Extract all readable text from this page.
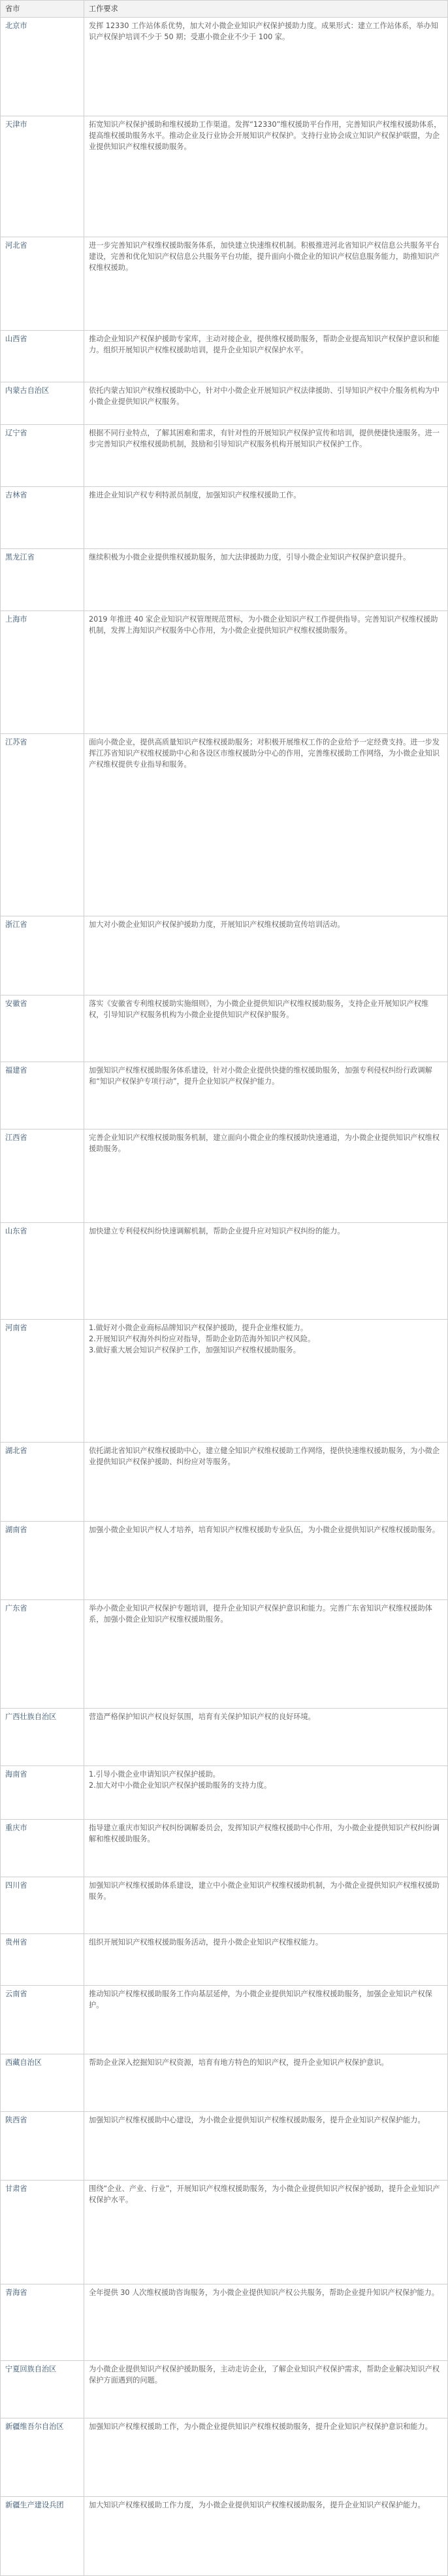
省市	工作要求
北京市	发挥 12330 工作站体系优势，加大对小微企业知识产权保护援助力度。成果形式：建立工作站体系，举办知识产权保护培训不少于 50 期；受惠小微企业不少于 100 家。

天津市	拓宽知识产权保护援助和维权援助工作渠道。发挥“12330”维权援助平台作用，完善知识产权维权援助体系，提高维权援助服务水平。推动企业及行业协会开展知识产权保护。支持行业协会成立知识产权保护联盟，为企业提供知识产权维权援助服务。

河北省	进一步完善知识产权维权援助服务体系，加快建立快速维权机制。积极推进河北省知识产权信息公共服务平台建设，完善和优化知识产权信息公共服务平台功能，提升面向小微企业的知识产权信息服务能力，助推知识产权维权援助。

山西省	推动企业知识产权保护援助专家库，主动对接企业，提供维权援助服务，帮助企业提高知识产权保护意识和能力。组织开展知识产权维权援助培训，提升企业知识产权保护水平。

内蒙古自治区	依托内蒙古知识产权维权援助中心，针对中小微企业开展知识产权法律援助、引导知识产权中介服务机构为中小微企业提供知识产权服务。

辽宁省	根据不同行业特点，了解其困难和需求，有针对性的开展知识产权保护宣传和培训，提供便捷快速服务。进一步完善知识产权维权援助机制，鼓励和引导知识产权服务机构开展知识产权保护工作。

吉林省	推进企业知识产权专利特派员制度，加强知识产权维权援助工作。

黑龙江省	继续积极为小微企业提供维权援助服务，加大法律援助力度，引导小微企业知识产权保护意识提升。

上海市	2019 年推进 40 家企业知识产权管理规范贯标，为小微企业知识产权工作提供指导。完善知识产权维权援助机制，发挥上海知识产权服务中心作用，为小微企业提供知识产权维权援助服务。

江苏省	面向小微企业，提供高质量知识产权维权援助服务；对积极开展维权工作的企业给予一定经费支持。进一步发挥江苏省知识产权维权援助中心和各设区市维权援助分中心的作用，完善维权援助工作网络，为小微企业知识产权维权提供专业指导和服务。

浙江省	加大对小微企业知识产权保护援助力度，开展知识产权维权援助宣传培训活动。

安徽省	落实《安徽省专利维权援助实施细则》，为小微企业提供知识产权维权援助服务，支持企业开展知识产权维权，引导知识产权服务机构为小微企业提供知识产权保护服务。

福建省	加强知识产权维权援助服务体系建设，针对小微企业提供快捷的维权援助服务，加强专利侵权纠纷行政调解和“知识产权保护专项行动”，提升企业知识产权保护能力。

江西省	完善企业知识产权维权援助服务机制，建立面向小微企业的维权援助快速通道，为小微企业提供知识产权维权援助服务。

山东省	加快建立专利侵权纠纷快速调解机制，帮助企业提升应对知识产权纠纷的能力。

河南省	1.做好对小微企业商标品牌知识产权保护援助，提升企业维权能力。
2.开展知识产权海外纠纷应对指导，帮助企业防范海外知识产权风险。
3.做好重大展会知识产权保护工作，加强知识产权维权援助服务。

湖北省	依托湖北省知识产权维权援助中心，建立健全知识产权维权援助工作网络，提供快速维权援助服务，为小微企业提供知识产权保护援助、纠纷应对等服务。

湖南省	加强小微企业知识产权人才培养，培育知识产权维权援助专业队伍，为小微企业提供知识产权维权援助服务。

广东省	举办小微企业知识产权保护专题培训，提升企业知识产权保护意识和能力。完善广东省知识产权维权援助体系，加强小微企业知识产权维权援助服务。

广西壮族自治区	营造严格保护知识产权良好氛围，培育有关保护知识产权的良好环境。

海南省	1.引导小微企业申请知识产权保护援助。
2.加大对中小微企业知识产权保护援助服务的支持力度。

重庆市	指导建立重庆市知识产权纠纷调解委员会，发挥知识产权维权援助中心作用，为小微企业提供知识产权纠纷调解和维权援助服务。

四川省	加强知识产权维权援助体系建设，建立中小微企业知识产权维权援助机制，为小微企业提供知识产权维权援助服务。

贵州省	组织开展知识产权维权援助服务活动，提升小微企业知识产权维权能力。

云南省	推动知识产权维权援助服务工作向基层延伸，为小微企业提供知识产权维权援助服务，加强企业知识产权保护。

西藏自治区	帮助企业深入挖掘知识产权资源，培育有地方特色的知识产权，提升企业知识产权保护意识。

陕西省	加强知识产权维权援助中心建设，为小微企业提供知识产权维权援助服务，提升企业知识产权保护能力。

甘肃省	围绕“企业、产业、行业”，开展知识产权维权援助服务，为小微企业提供知识产权保护援助，提升企业知识产权保护水平。

青海省	全年提供 30 人次维权援助咨询服务，为小微企业提供知识产权公共服务，帮助企业提升知识产权保护能力。

宁夏回族自治区	为小微企业提供知识产权保护援助服务，主动走访企业，了解企业知识产权保护需求，帮助企业解决知识产权保护方面遇到的问题。

新疆维吾尔自治区	加强知识产权维权援助工作，为小微企业提供知识产权维权援助服务，提升企业知识产权保护意识和能力。

新疆生产建设兵团	加大知识产权维权援助工作力度，为小微企业提供知识产权维权援助服务，提升企业知识产权保护能力。
